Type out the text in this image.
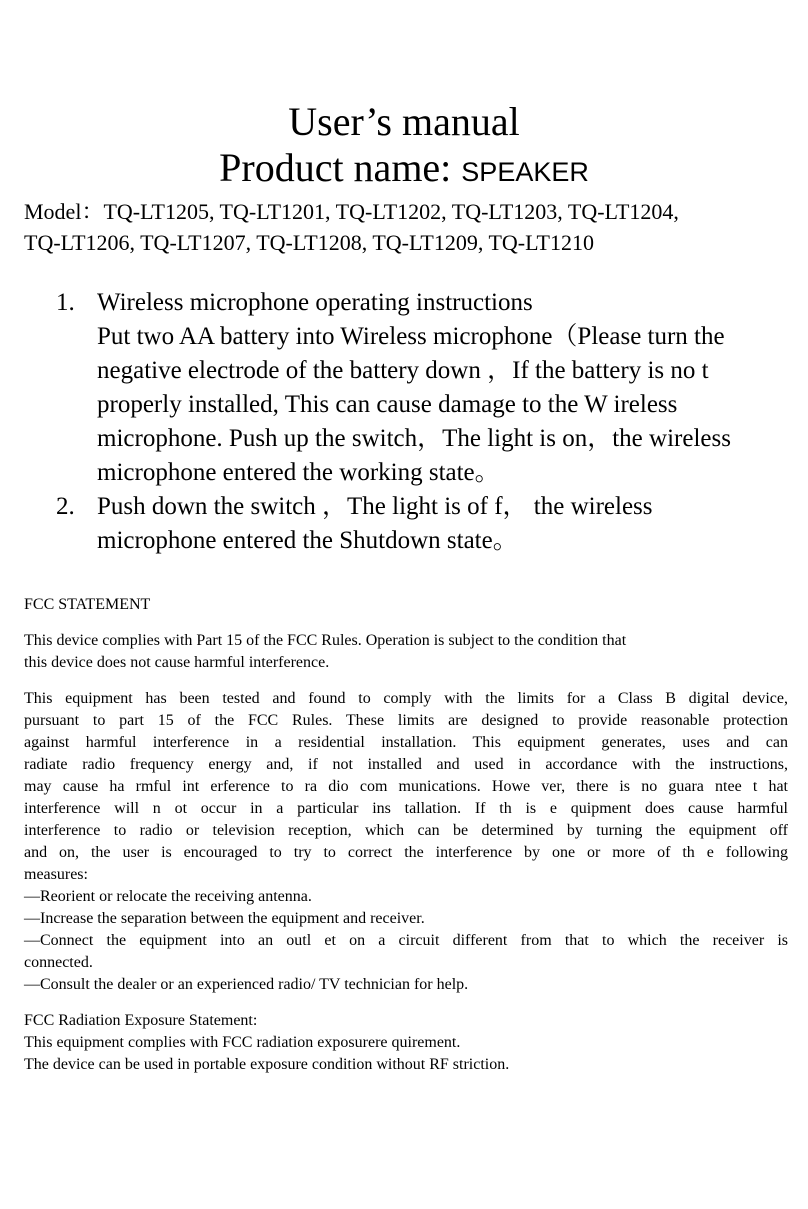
User’s manual
Product name: SPEAKER
Model：TQ-LT1205, TQ-LT1201, TQ-LT1202, TQ-LT1203, TQ-LT1204,
TQ-LT1206, TQ-LT1207, TQ-LT1208, TQ-LT1209, TQ-LT1210
1. Wireless microphone operating instructions
Put two AA battery into Wireless microphone（Please turn the
negative electrode of the battery down ，If the battery is no t
properly installed, This can cause damage to the W ireless
microphone. Push up the switch，The light is on，the wireless
microphone entered the working state。
2. Push down the switch ，The light is of f， the wireless
microphone entered the Shutdown state。
FCC STATEMENT
This device complies with Part 15 of the FCC Rules. Operation is subject to the condition that
this device does not cause harmful interference.
This equipment has been tested and found to comply with the limits for a Class B digital device,
pursuant to part 15 of the FCC Rules. These limits are designed to provide reasonable protection
against harmful interference in a residential installation. This equipment generates, uses and can
radiate radio frequency energy and, if not installed and used in accordance with the instructions,
may cause ha rmful int erference to ra dio com munications. Howe ver, there is no guara ntee t hat
interference will n ot occur in a particular ins tallation. If th is e quipment does cause harmful
interference to radio or television reception, which can be determined by turning the equipment off
and on, the user is encouraged to try to correct the interference by one or more of th e following
measures:
—Reorient or relocate the receiving antenna.
—Increase the separation between the equipment and receiver.
—Connect the equipment into an outl et on a circuit different from that to which the receiver is
connected.
—Consult the dealer or an experienced radio/ TV technician for help.
FCC Radiation Exposure Statement:
This equipment complies with FCC radiation exposurere quirement.
The device can be used in portable exposure condition without RF striction.
